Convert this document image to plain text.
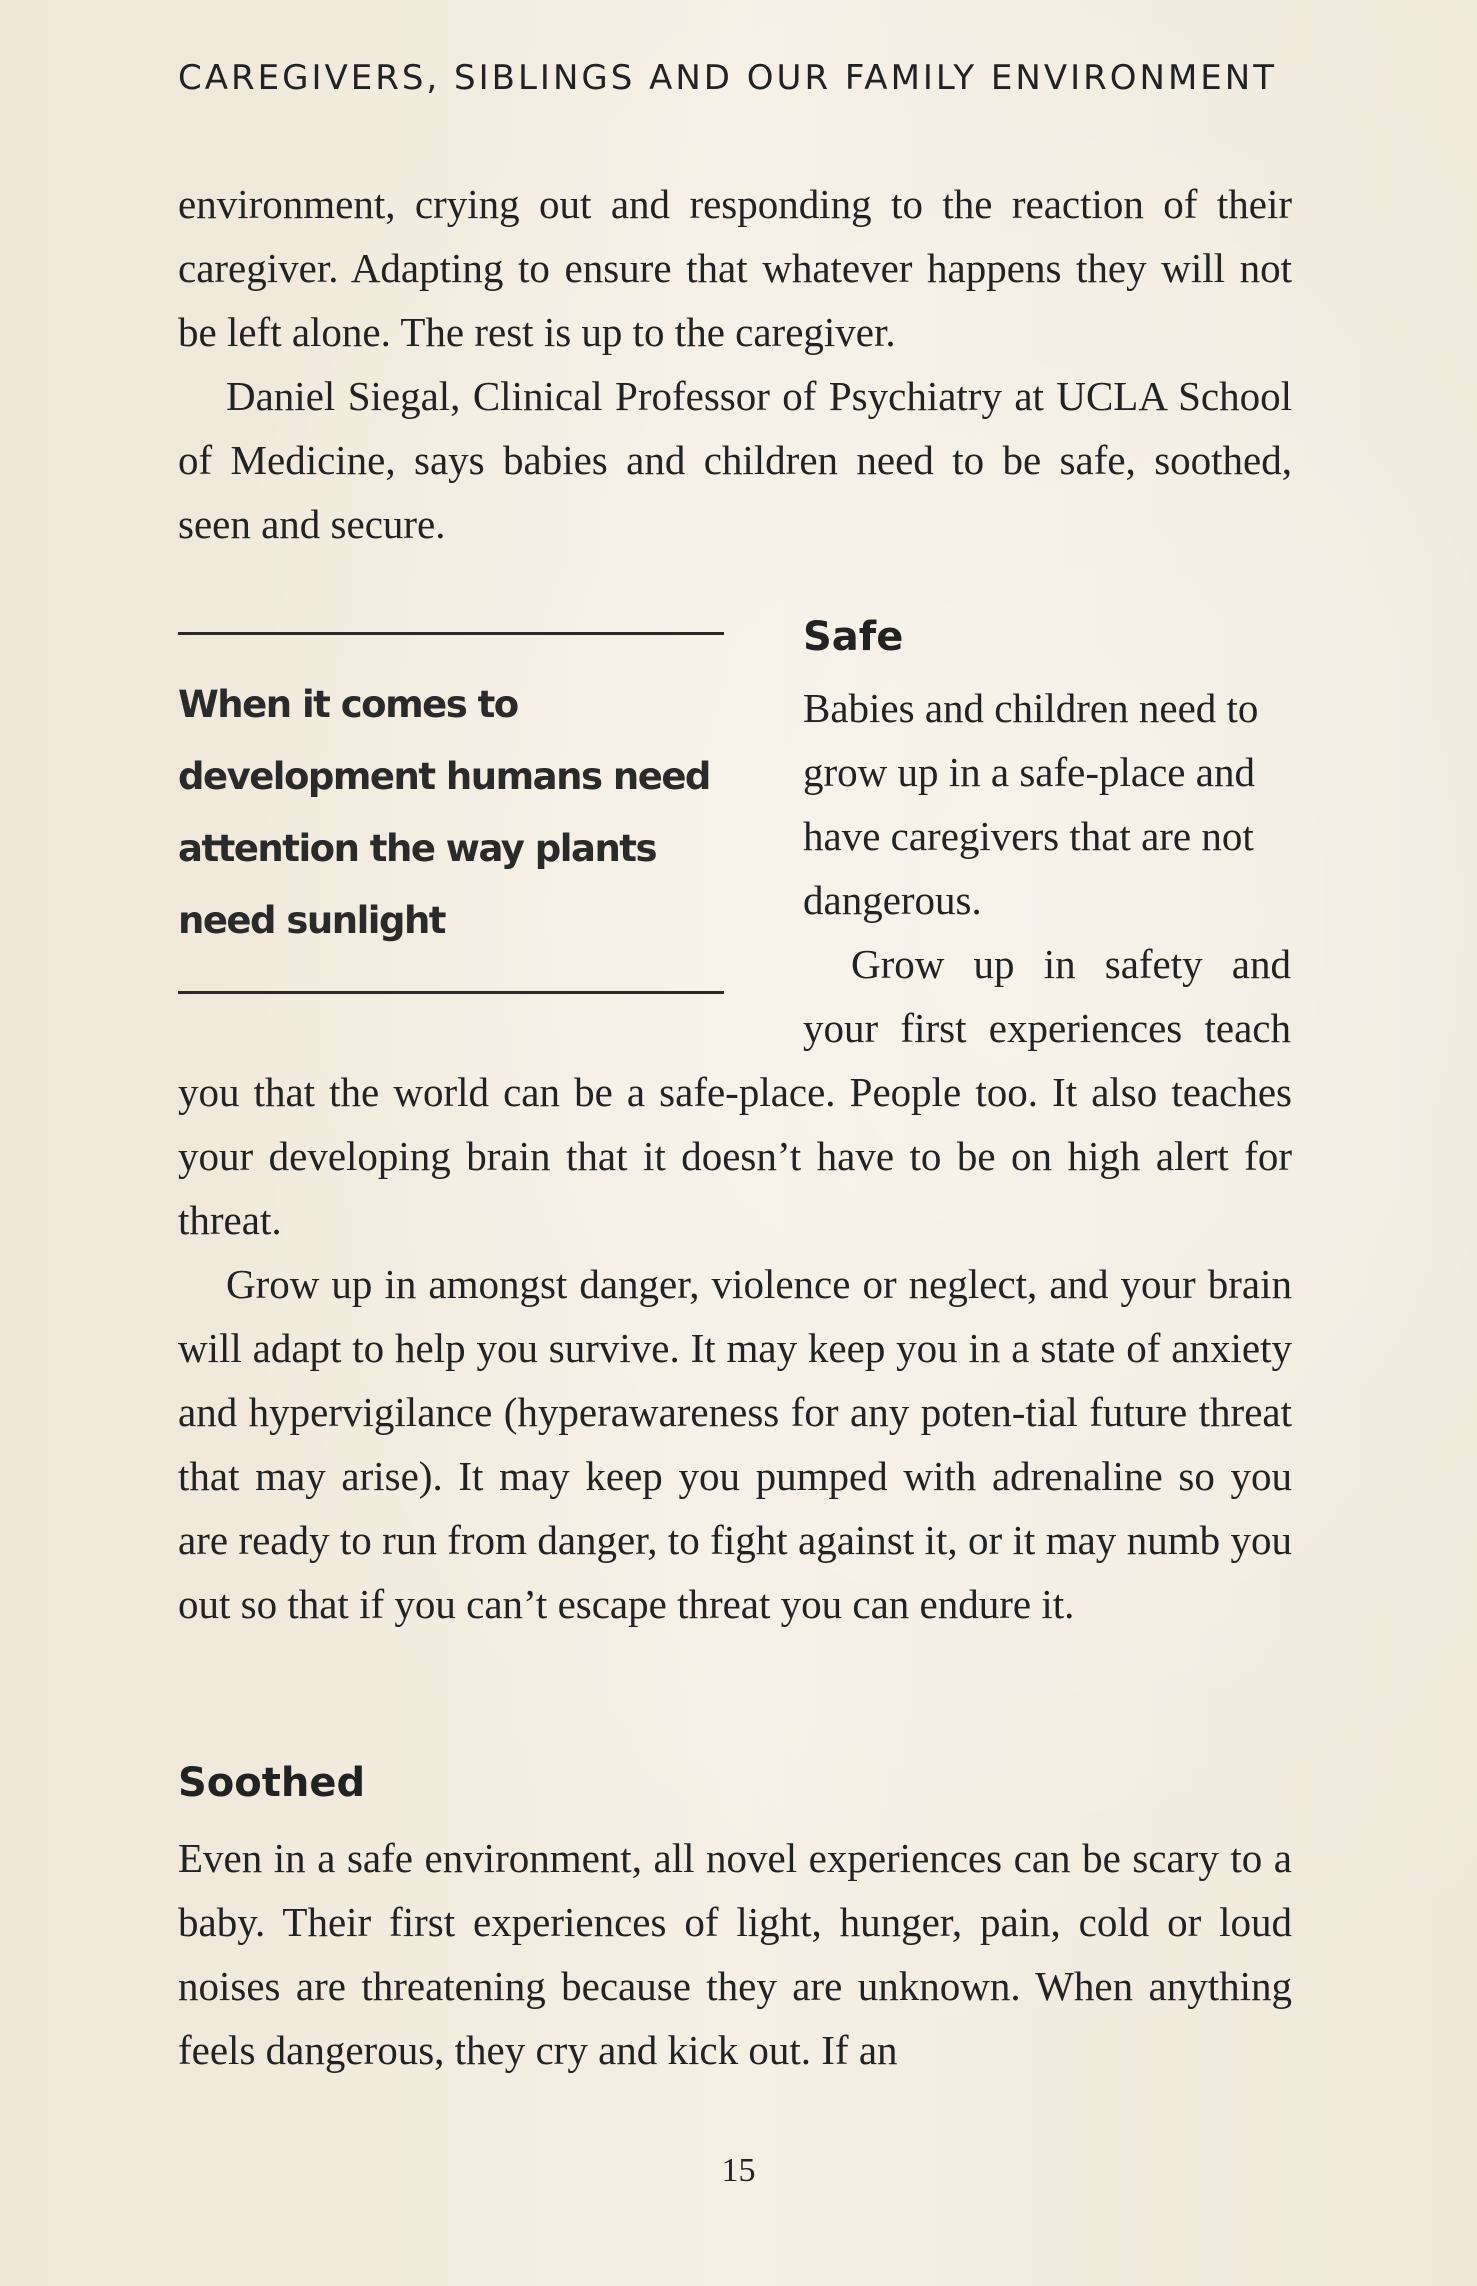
CAREGIVERS, SIBLINGS AND OUR FAMILY ENVIRONMENT

environment, crying out and responding to the reaction of their caregiver. Adapting to ensure that whatever happens they will not be left alone. The rest is up to the caregiver.

Daniel Siegal, Clinical Professor of Psychiatry at UCLA School of Medicine, says babies and children need to be safe, soothed, seen and secure.

When it comes to development humans need attention the way plants need sunlight

Safe

Babies and children need to grow up in a safe-place and have caregivers that are not dangerous.

Grow up in safety and your first experiences teach

you that the world can be a safe-place. People too. It also teaches your developing brain that it doesn’t have to be on high alert for threat.

Grow up in amongst danger, violence or neglect, and your brain will adapt to help you survive. It may keep you in a state of anxiety and hypervigilance (hyperawareness for any poten-tial future threat that may arise). It may keep you pumped with adrenaline so you are ready to run from danger, to fight against it, or it may numb you out so that if you can’t escape threat you can endure it.

Soothed

Even in a safe environment, all novel experiences can be scary to a baby. Their first experiences of light, hunger, pain, cold or loud noises are threatening because they are unknown. When anything feels dangerous, they cry and kick out. If an

15
